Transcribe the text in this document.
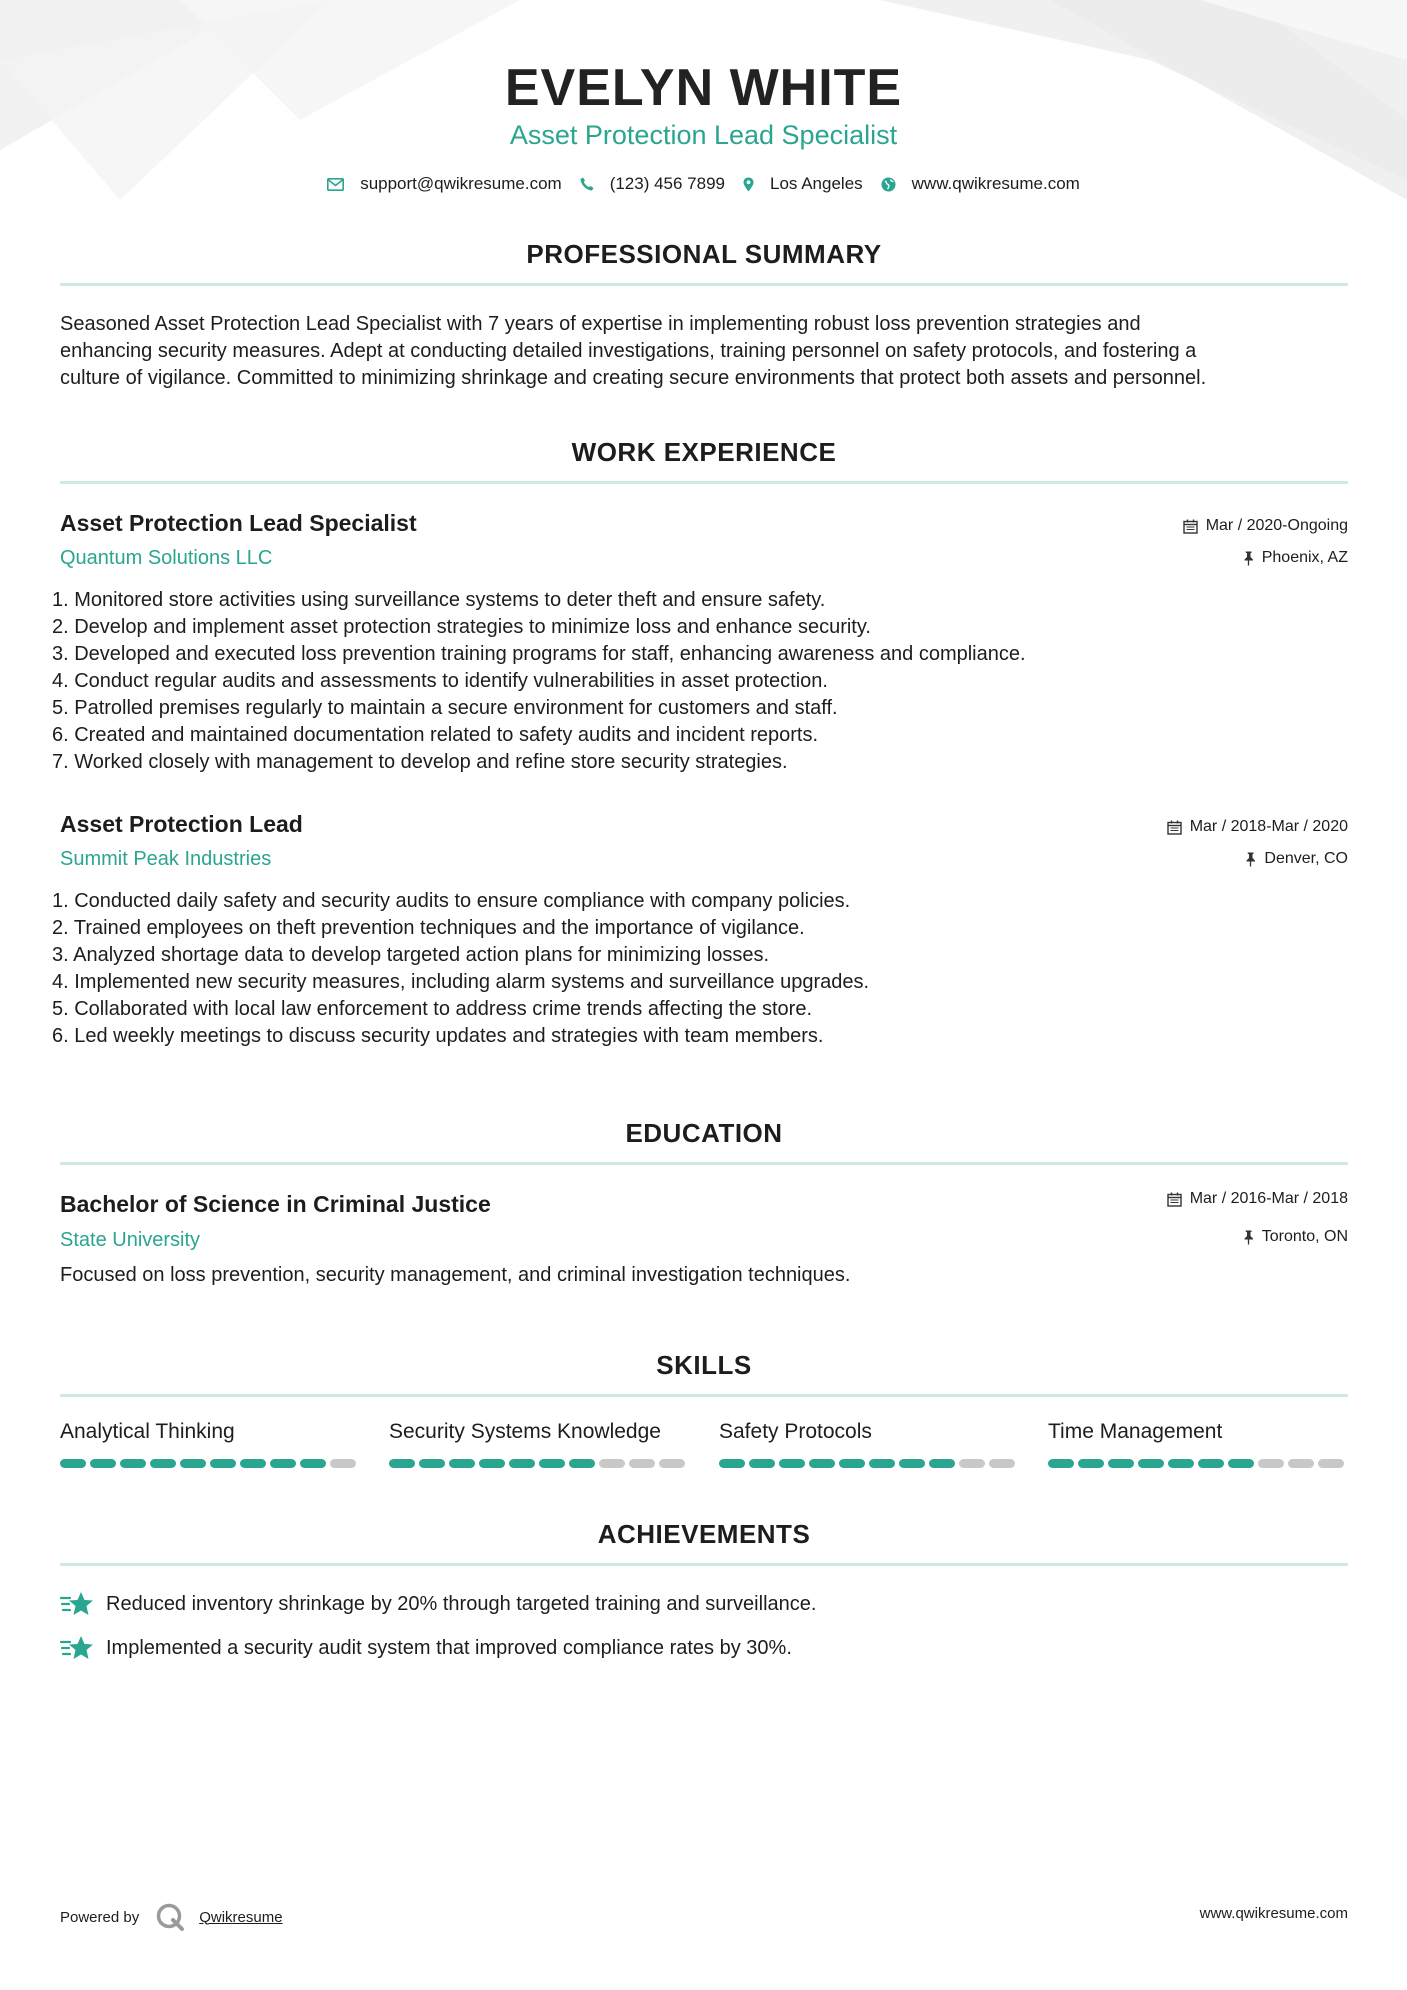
EVELYN WHITE
Asset Protection Lead Specialist
support@qwikresume.com	(123) 456 7899	Los Angeles	www.qwikresume.com
PROFESSIONAL SUMMARY
Seasoned Asset Protection Lead Specialist with 7 years of expertise in implementing robust loss prevention strategies and
enhancing security measures. Adept at conducting detailed investigations, training personnel on safety protocols, and fostering a
culture of vigilance. Committed to minimizing shrinkage and creating secure environments that protect both assets and personnel.
WORK EXPERIENCE
Asset Protection Lead Specialist
Quantum Solutions LLC
Mar / 2020-Ongoing
Phoenix, AZ
1. Monitored store activities using surveillance systems to deter theft and ensure safety.
2. Develop and implement asset protection strategies to minimize loss and enhance security.
3. Developed and executed loss prevention training programs for staff, enhancing awareness and compliance.
4. Conduct regular audits and assessments to identify vulnerabilities in asset protection.
5. Patrolled premises regularly to maintain a secure environment for customers and staff.
6. Created and maintained documentation related to safety audits and incident reports.
7. Worked closely with management to develop and refine store security strategies.
Asset Protection Lead
Summit Peak Industries
Mar / 2018-Mar / 2020
Denver, CO
1. Conducted daily safety and security audits to ensure compliance with company policies.
2. Trained employees on theft prevention techniques and the importance of vigilance.
3. Analyzed shortage data to develop targeted action plans for minimizing losses.
4. Implemented new security measures, including alarm systems and surveillance upgrades.
5. Collaborated with local law enforcement to address crime trends affecting the store.
6. Led weekly meetings to discuss security updates and strategies with team members.
EDUCATION
Bachelor of Science in Criminal Justice
State University
Mar / 2016-Mar / 2018
Toronto, ON
Focused on loss prevention, security management, and criminal investigation techniques.
SKILLS
Analytical Thinking	Security Systems Knowledge	Safety Protocols	Time Management
ACHIEVEMENTS
Reduced inventory shrinkage by 20% through targeted training and surveillance.
Implemented a security audit system that improved compliance rates by 30%.
Powered by	Qwikresume	www.qwikresume.com
